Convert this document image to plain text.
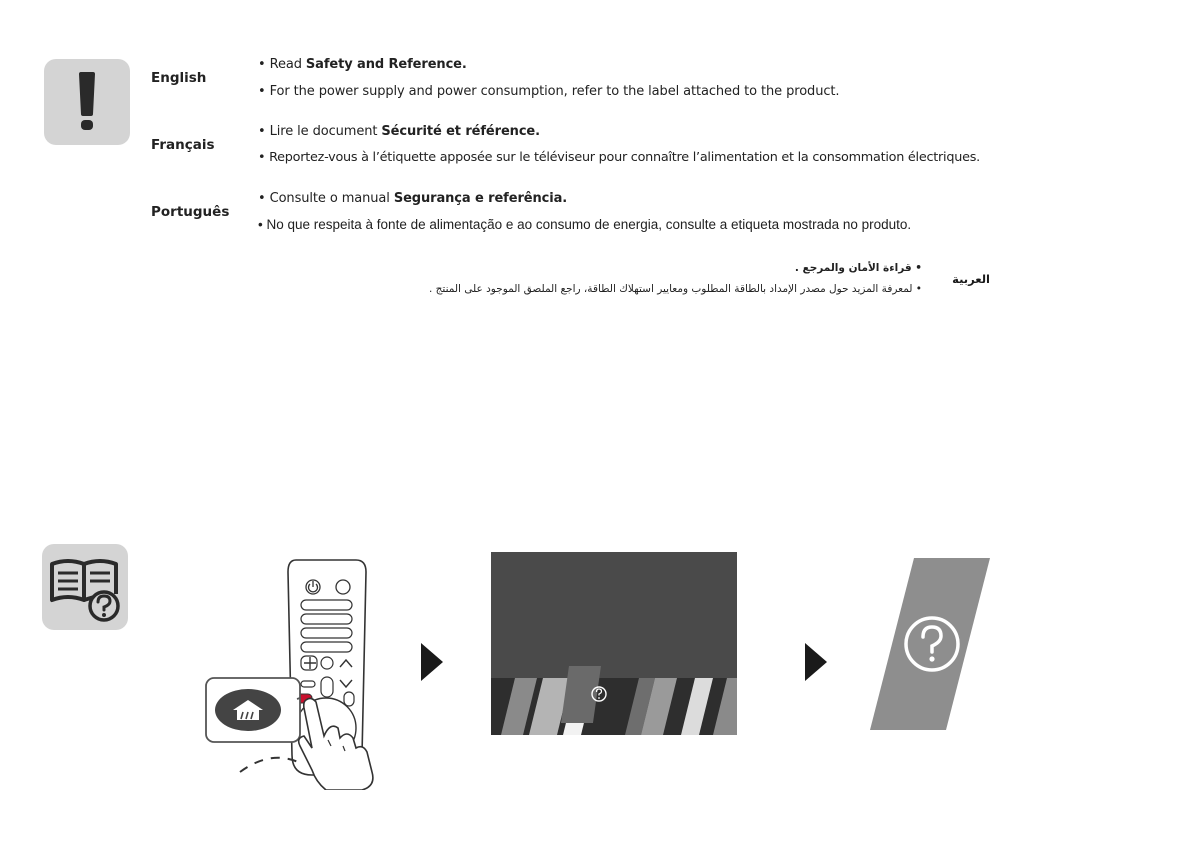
English
• Read Safety and Reference.
• For the power supply and power consumption, refer to the label attached to the product.
Français
• Lire le document Sécurité et référence.
• Reportez-vous à l’étiquette apposée sur le téléviseur pour connaître l’alimentation et la consommation électriques.
Português
• Consulte o manual Segurança e referência.
• No que respeita à fonte de alimentação e ao consumo de energia, consulte a etiqueta mostrada no produto.
العربية
• قراءة الأمان والمرجع .
• لمعرفة المزيد حول مصدر الإمداد بالطاقة المطلوب ومعايير استهلاك الطاقة، راجع الملصق الموجود على المنتج .
